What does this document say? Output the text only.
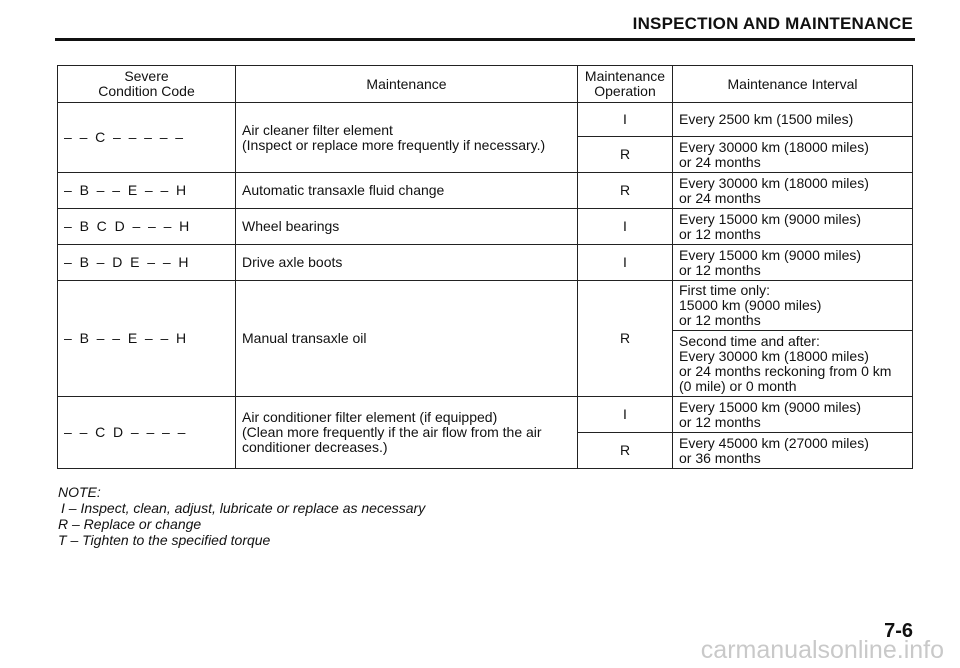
INSPECTION AND MAINTENANCE
Severe
Condition Code	Maintenance	Maintenance
Operation	Maintenance Interval
–  –  C  –  –  –  –  –	Air cleaner filter element
(Inspect or replace more frequently if necessary.)	I	Every 2500 km (1500 miles)
		R	Every 30000 km (18000 miles)
or 24 months
–  B  –  –  E  –  –  H	Automatic transaxle fluid change	R	Every 30000 km (18000 miles)
or 24 months
–  B  C  D  –  –  –  H	Wheel bearings	I	Every 15000 km (9000 miles)
or 12 months
–  B  –  D  E  –  –  H	Drive axle boots	I	Every 15000 km (9000 miles)
or 12 months
–  B  –  –  E  –  –  H	Manual transaxle oil	R	First time only:
15000 km (9000 miles)
or 12 months
			Second time and after:
Every 30000 km (18000 miles)
or 24 months reckoning from 0 km
(0 mile) or 0 month
–  –  C  D  –  –  –  –	Air conditioner filter element (if equipped)
(Clean more frequently if the air flow from the air
conditioner decreases.)	I	Every 15000 km (9000 miles)
or 12 months
		R	Every 45000 km (27000 miles)
or 36 months
NOTE:
I – Inspect, clean, adjust, lubricate or replace as necessary
R – Replace or change
T – Tighten to the specified torque
7-6
carmanualsonline.info
